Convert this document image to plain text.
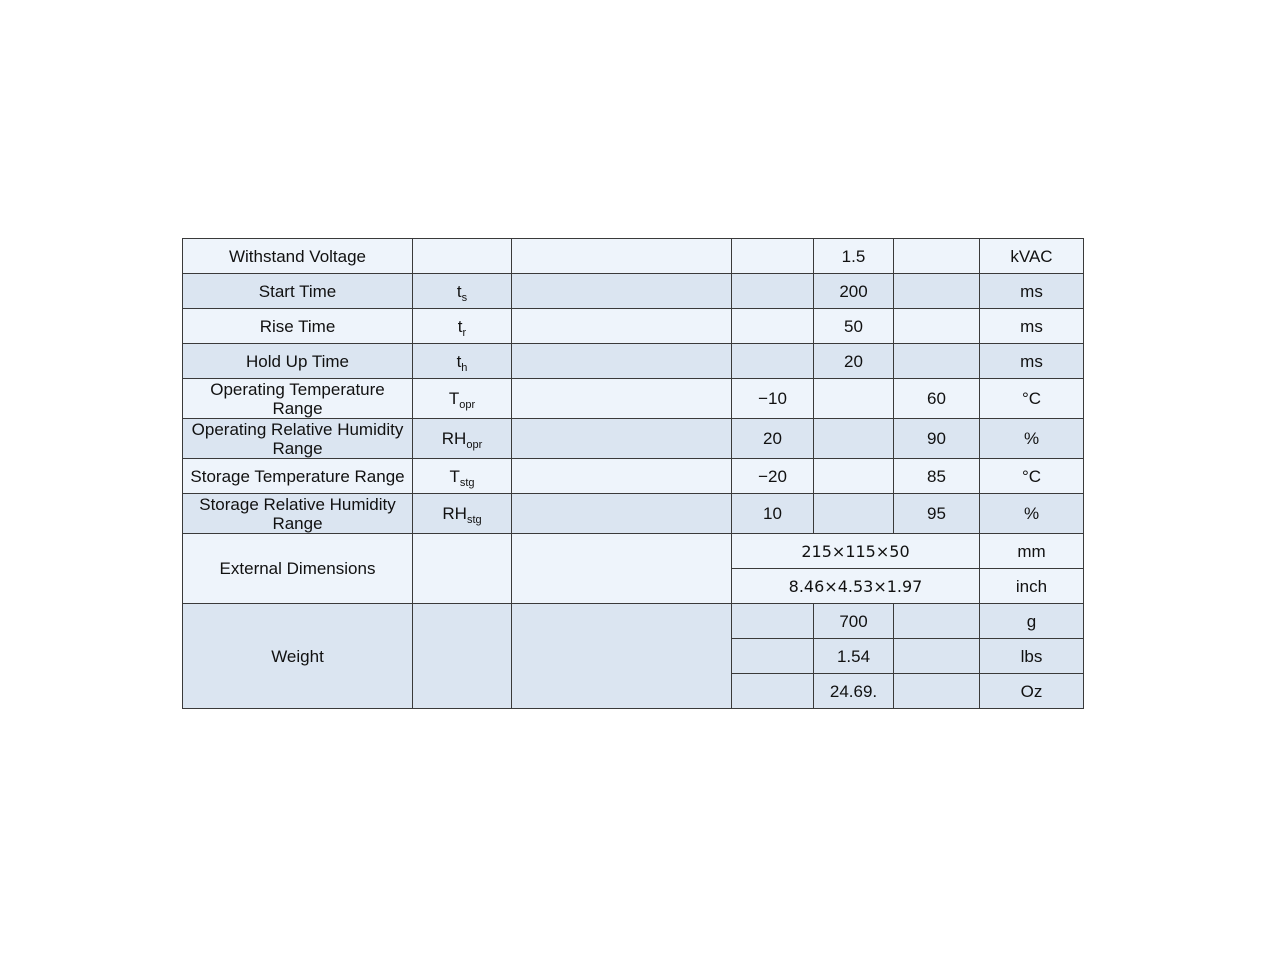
Withstand Voltage				1.5		kVAC
Start Time	$t_s$			200		ms
Rise Time	$t_r$			50		ms
Hold Up Time	$t_h$			20		ms
Operating Temperature Range	$T_{opr}$		−10		60	°C
Operating Relative Humidity Range	$RH_{opr}$		20		90	%
Storage Temperature Range	$T_{stg}$		−20		85	°C
Storage Relative Humidity Range	$RH_{stg}$		10		95	%
External Dimensions			215×115×50			mm
			8.46×4.53×1.97			inch
Weight				700		g
				1.54		lbs
				24.69.		Oz
